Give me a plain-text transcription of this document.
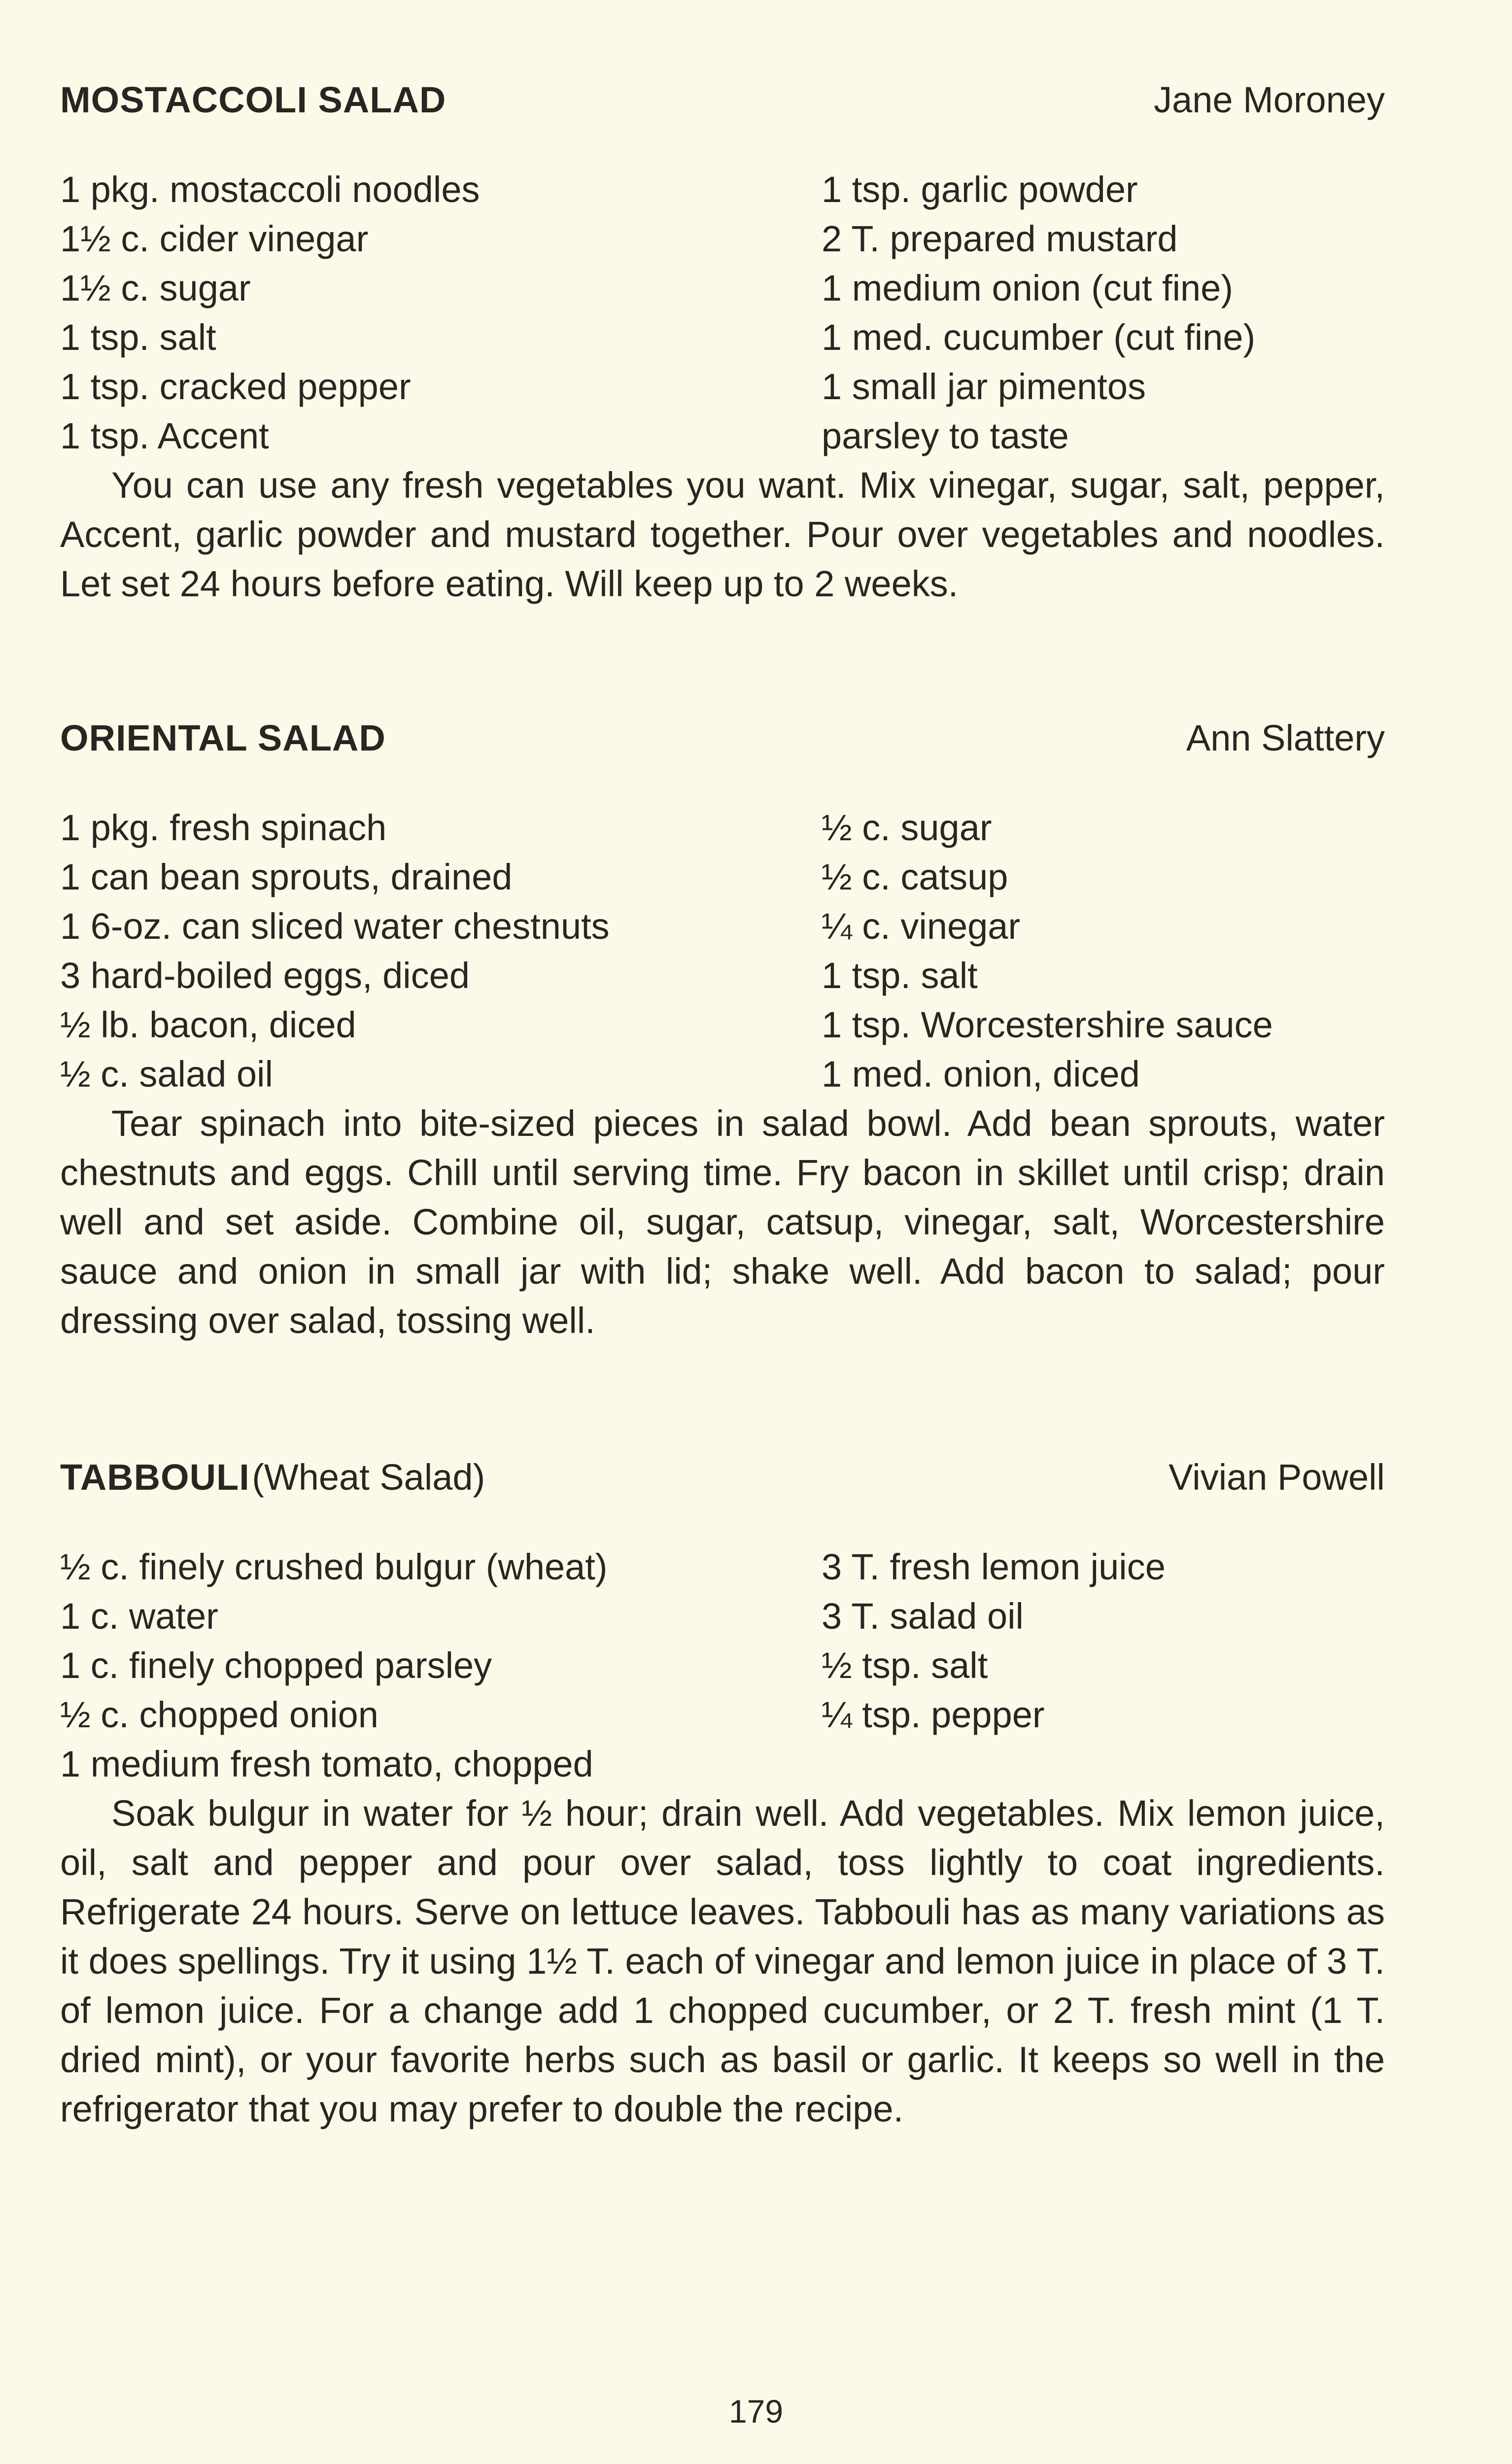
MOSTACCOLI SALAD	Jane Moroney
1 pkg. mostaccoli noodles
1½ c. cider vinegar
1½ c. sugar
1 tsp. salt
1 tsp. cracked pepper
1 tsp. Accent
1 tsp. garlic powder
2 T. prepared mustard
1 medium onion (cut fine)
1 med. cucumber (cut fine)
1 small jar pimentos
parsley to taste

You can use any fresh vegetables you want. Mix vinegar, sugar, salt, pepper, Accent, garlic powder and mustard together. Pour over vegetables and noodles. Let set 24 hours before eating. Will keep up to 2 weeks.

ORIENTAL SALAD	Ann Slattery
1 pkg. fresh spinach
1 can bean sprouts, drained
1 6-oz. can sliced water chestnuts
3 hard-boiled eggs, diced
½ lb. bacon, diced
½ c. salad oil
½ c. sugar
½ c. catsup
¼ c. vinegar
1 tsp. salt
1 tsp. Worcestershire sauce
1 med. onion, diced

Tear spinach into bite-sized pieces in salad bowl. Add bean sprouts, water chestnuts and eggs. Chill until serving time. Fry bacon in skillet until crisp; drain well and set aside. Combine oil, sugar, catsup, vinegar, salt, Worcestershire sauce and onion in small jar with lid; shake well. Add bacon to salad; pour dressing over salad, tossing well.

TABBOULI (Wheat Salad)	Vivian Powell
½ c. finely crushed bulgur (wheat)
1 c. water
1 c. finely chopped parsley
½ c. chopped onion
1 medium fresh tomato, chopped
3 T. fresh lemon juice
3 T. salad oil
½ tsp. salt
¼ tsp. pepper

Soak bulgur in water for ½ hour; drain well. Add vegetables. Mix lemon juice, oil, salt and pepper and pour over salad, toss lightly to coat ingredients. Refrigerate 24 hours. Serve on lettuce leaves. Tabbouli has as many variations as it does spellings. Try it using 1½ T. each of vinegar and lemon juice in place of 3 T. of lemon juice. For a change add 1 chopped cucumber, or 2 T. fresh mint (1 T. dried mint), or your favorite herbs such as basil or garlic. It keeps so well in the refrigerator that you may prefer to double the recipe.

179
